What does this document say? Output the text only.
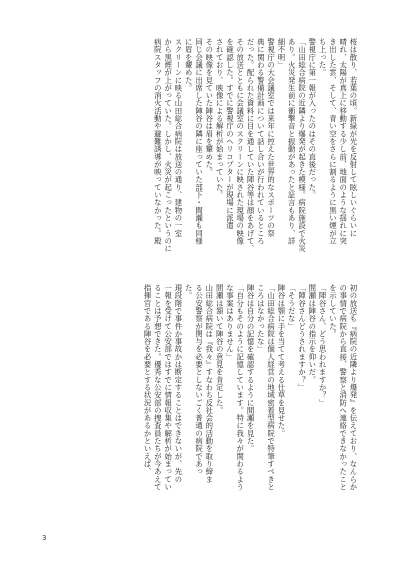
桜は散り、若葉の頃。新緑が光を反射して眩しいぐらいに

晴れ、太陽が真上に移動する少し前、地面のような揺れに突

き出した雲、そして、青い空をさらに割るように黒い煙が立

ち上った。

警視庁に第一報が入ったのはその直後だった。

「山田総合病院の近隣より爆発が起きた模様。病院施設で火災

あり。火災発生前に衝撃音と振動があったと証言もあり、詳

細不明」

警視庁の大会議室では来年に控えた世界的なスポーツの祭

典に関わる警備計画について話し合いが行われているところ

だった。配られた資料に目を通していた陣谷等は顔をあげて、

その放送とともに会議室のスクリーンに映された現場の映像

を確認した。すでに警視庁のヘリコプターが現場に派遣

されており、映像による解析が始まっていた。

その映像を見ていた陣谷は眉を顰めた。

同じ会議に出席した陣谷の隣に座っていた部下・間瀬も同様

に眉を顰めた。

スクリーンに映る山田総合病院は放送の通り、建物の一室

から黒煙が上がっていた。しかし、火災が起こったというのに

病院スタッフの消火活動や避難誘導が映っていなかった。殿

初の放送も『病院の近隣より爆発』を伝えており、なんらか

の事情で病院から直接、警察と消防へ連絡できなかったこと

を示していた。

「陣谷さん、どう思われますか？」

間瀬は陣谷の指示を仰いだ。

「陣谷さんどうされますか？」

「そうだな」

陣谷は顎に手を当てて考える仕草を見せた。

「山田総合病院は個人経営の地域密着型病院で特筆すべきと

ころはなかったな」

陣谷は自分の記憶を確認するように間瀬を見た。

「自分もそのように記憶しています。特に我々が関わるよう

な事案はありません」

間瀬は頷いて陣谷の意見を肯定した。

山田総合病院は『我々』すなわち反社会的活動を取り締ま

る公安警察が関与を必要としないごく普通の病院であっ

た。

現段階で事件か事故かは断定することはできないが、先の

一報を受けて公安部ではすでに情報収集や解析が始まってい

ることは予想できた。優秀な公安部の捜査員たちが今あえて

指揮官である陣谷を必要とする状況があるかといえば、

3
